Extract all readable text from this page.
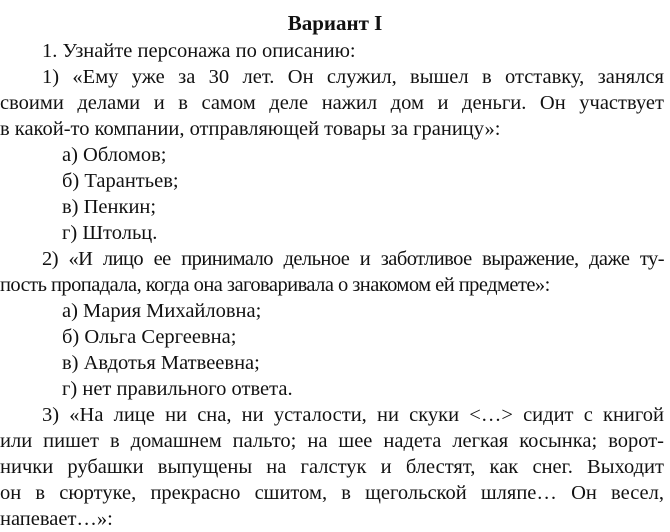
Вариант I
1. Узнайте персонажа по описанию:
1) «Ему уже за 30 лет. Он служил, вышел в отставку, занялся
своими делами и в самом деле нажил дом и деньги. Он участвует
в какой-то компании, отправляющей товары за границу»:
а) Обломов;
б) Тарантьев;
в) Пенкин;
г) Штольц.
2) «И лицо ее принимало дельное и заботливое выражение, даже ту-
пость пропадала, когда она заговаривала о знакомом ей предмете»:
а) Мария Михайловна;
б) Ольга Сергеевна;
в) Авдотья Матвеевна;
г) нет правильного ответа.
3) «На лице ни сна, ни усталости, ни скуки <…> сидит с книгой
или пишет в домашнем пальто; на шее надета легкая косынка; ворот-
нички рубашки выпущены на галстук и блестят, как снег. Выходит
он в сюртуке, прекрасно сшитом, в щегольской шляпе… Он весел,
напевает…»:
